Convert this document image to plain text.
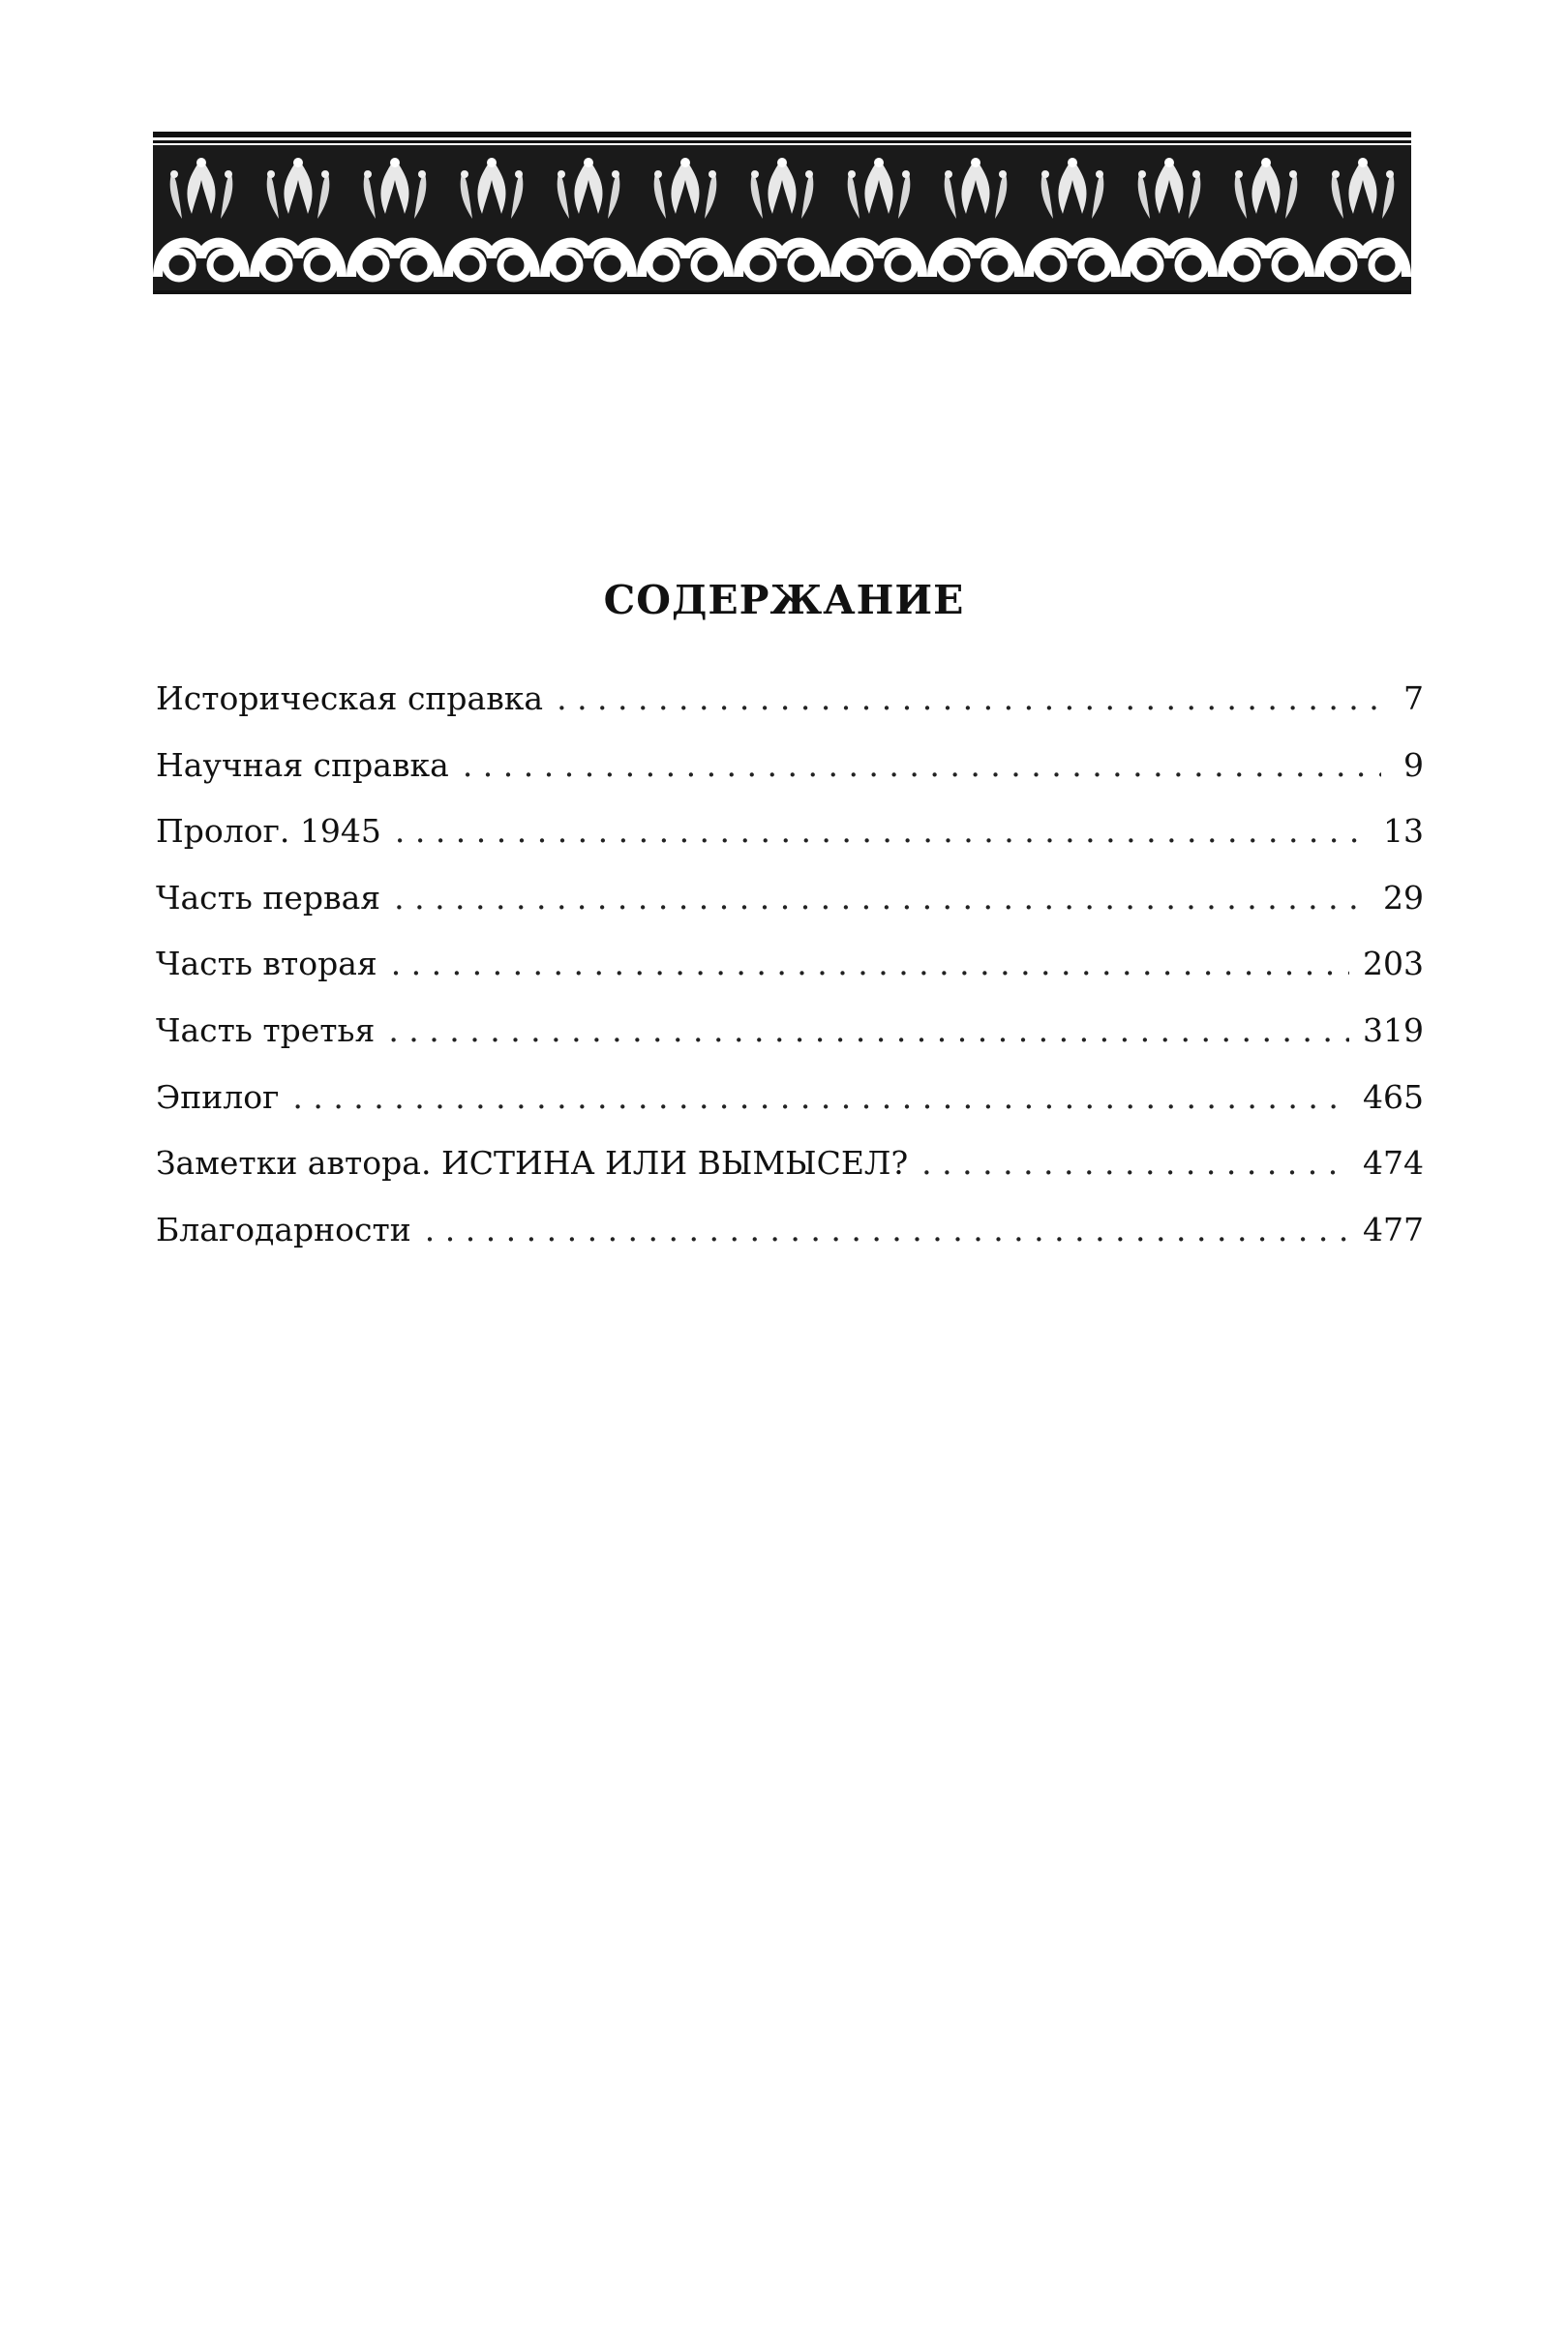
СОДЕРЖАНИЕ
Историческая справка . . .	7
Научная справка . . .	9
Пролог. 1945 . . .	13
Часть первая . . .	29
Часть вторая . . .	203
Часть третья . . .	319
Эпилог . . .	465
Заметки автора. ИСТИНА ИЛИ ВЫМЫСЕЛ? . . .	474
Благодарности . . .	477
